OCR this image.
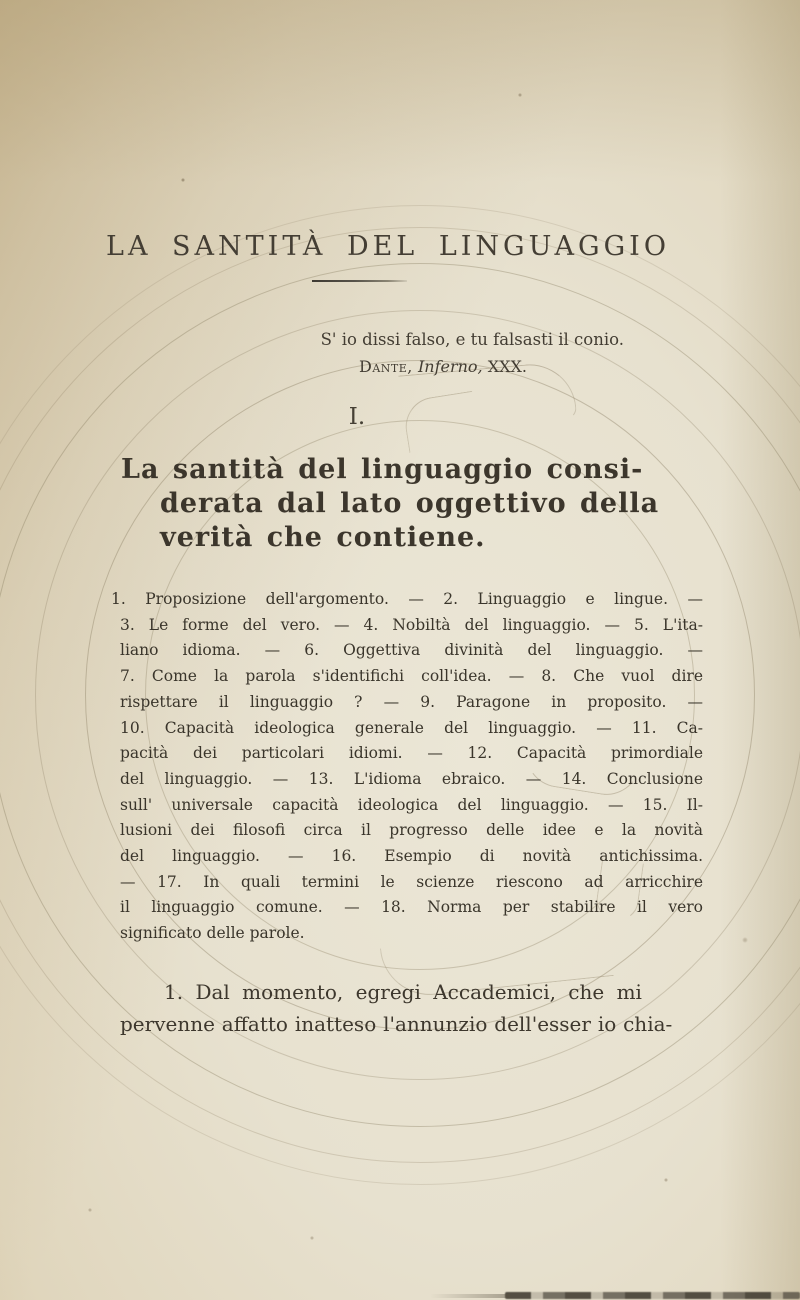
LA SANTITÀ DEL LINGUAGGIO
S' io dissi falso, e tu falsasti il conio.
Dante, Inferno, XXX.
I.
La santità del linguaggio consi-
derata dal lato oggettivo della
verità che contiene.
1. Proposizione dell'argomento. — 2. Linguaggio e lingue. —
3. Le forme del vero. — 4. Nobiltà del linguaggio. — 5. L'ita-
liano idioma. — 6. Oggettiva divinità del linguaggio. —
7. Come la parola s'identifichi coll'idea. — 8. Che vuol dire
rispettare il linguaggio ? — 9. Paragone in proposito. —
10. Capacità ideologica generale del linguaggio. — 11. Ca-
pacità dei particolari idiomi. — 12. Capacità primordiale
del linguaggio. — 13. L'idioma ebraico. — 14. Conclusione
sull' universale capacità ideologica del linguaggio. — 15. Il-
lusioni dei filosofi circa il progresso delle idee e la novità
del linguaggio. — 16. Esempio di novità antichissima.
— 17. In quali termini le scienze riescono ad arricchire
il linguaggio comune. — 18. Norma per stabilire il vero
significato delle parole.
1. Dal momento, egregi Accademici, che mi
pervenne affatto inatteso l'annunzio dell'esser io chia-
